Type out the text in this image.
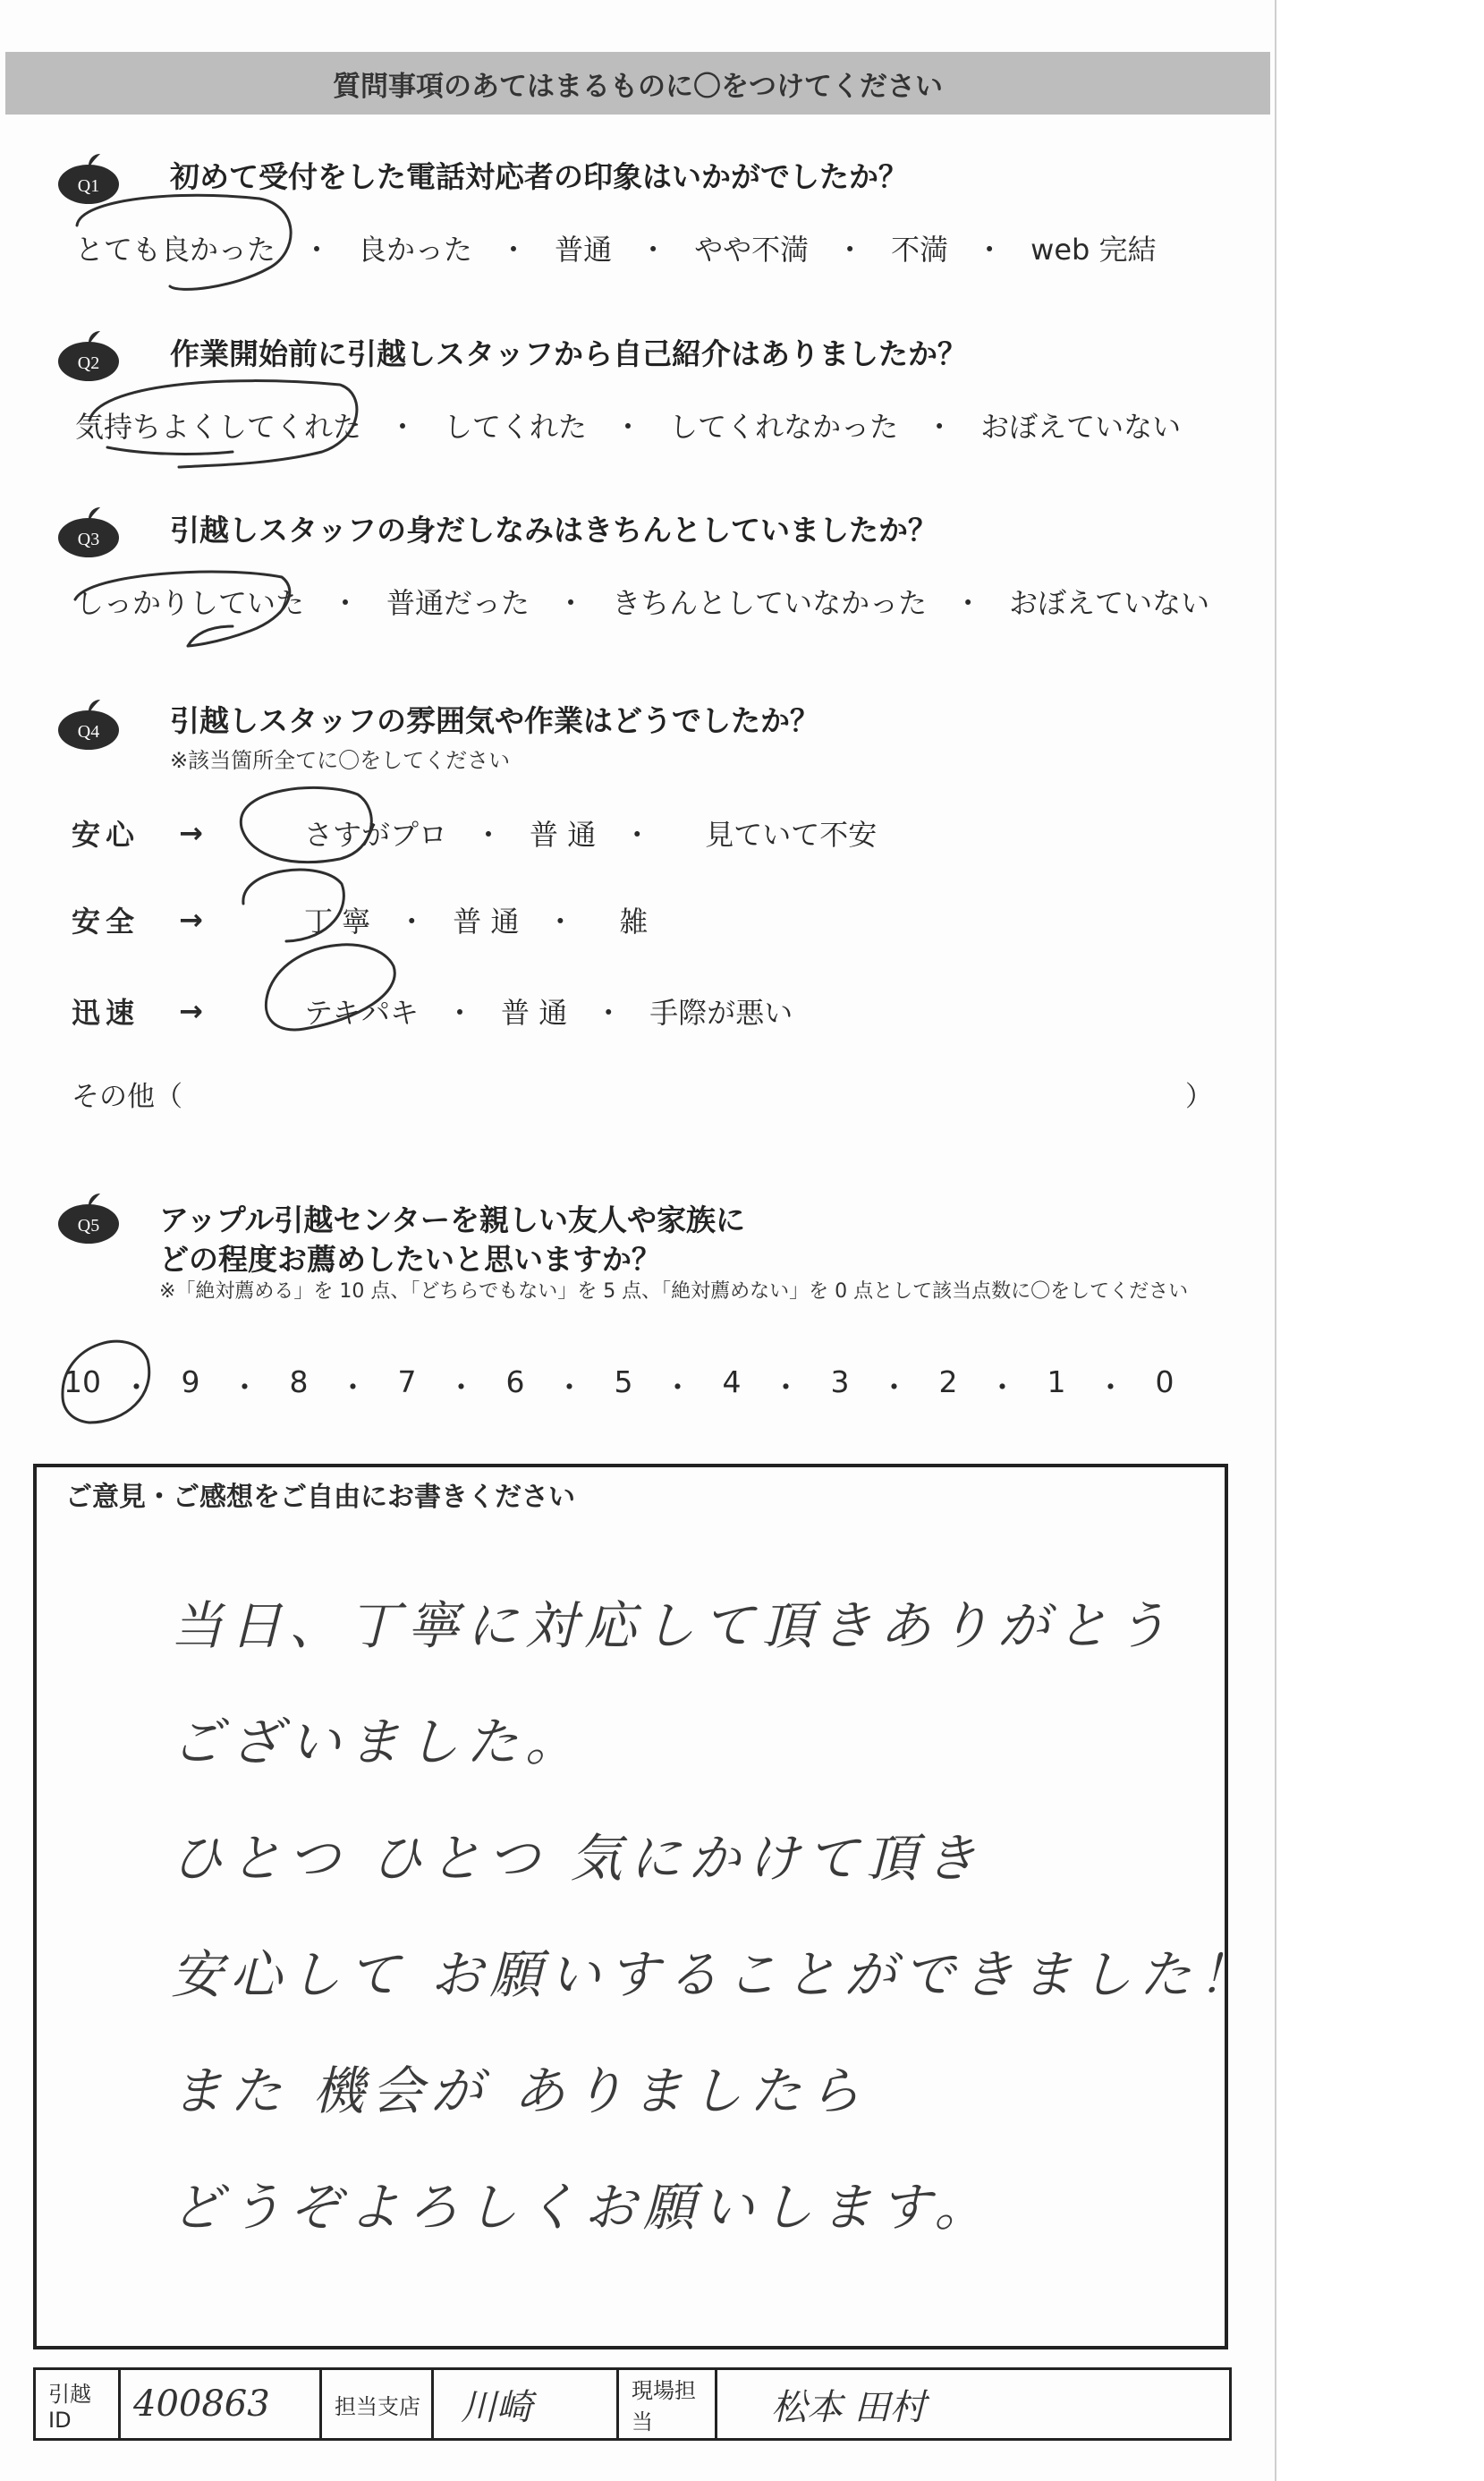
質問事項のあてはまるものに〇をつけてください
Q1 初めて受付をした電話対応者の印象はいかがでしたか？
とても良かった ・ 良かった ・ 普通 ・ やや不満 ・ 不満 ・ web 完結
Q2 作業開始前に引越しスタッフから自己紹介はありましたか？
気持ちよくしてくれた ・ してくれた ・ してくれなかった ・ おぼえていない
Q3 引越しスタッフの身だしなみはきちんとしていましたか？
しっかりしていた ・ 普通だった ・ きちんとしていなかった ・ おぼえていない
Q4 引越しスタッフの雰囲気や作業はどうでしたか？
※該当箇所全てに〇をしてください
安心	→	さすがプロ ・ 普 通 ・	見ていて不安
安全	→	丁 寧 ・ 普 通 ・	雑
迅速	→	テキパキ ・ 普 通 ・ 手際が悪い
その他（	）
Q5 アップル引越センターを親しい友人や家族に
どの程度お薦めしたいと思いますか？
※「絶対薦める」を 10 点、「どちらでもない」を 5 点、「絶対薦めない」を 0 点として該当点数に〇をしてください
10 ・	9	・	8	・	7	・	6	・	5	・	4	・	3	・	2	・	1	・	0
ご意見・ご感想をご自由にお書きください
当日、丁寧に対応して頂きありがとう
ございました。
ひとつ ひとつ 気にかけて頂き
安心して お願いすることができました！
また 機会が ありましたら
どうぞよろしくお願いします。
引越 ID	400863	担当支店	川崎	現場担当	松本 田村
